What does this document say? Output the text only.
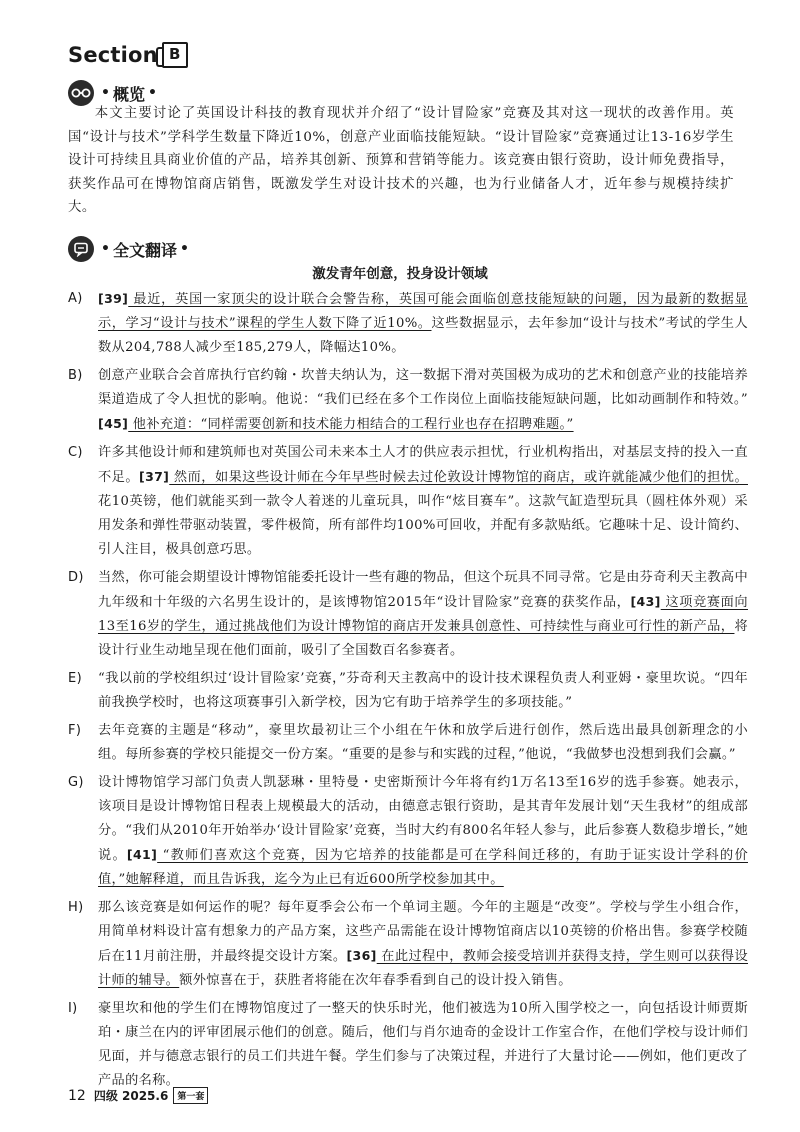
Section B
• 概览 •

本文主要讨论了英国设计科技的教育现状并介绍了“设计冒险家”竞赛及其对这一现状的改善作用。英国“设计与技术”学科学生数量下降近10%，创意产业面临技能短缺。“设计冒险家”竞赛通过让13-16岁学生设计可持续且具商业价值的产品，培养其创新、预算和营销等能力。该竞赛由银行资助，设计师免费指导，获奖作品可在博物馆商店销售，既激发学生对设计技术的兴趣，也为行业储备人才，近年参与规模持续扩大。

• 全文翻译 •
激发青年创意，投身设计领域
A)	[39] 最近，英国一家顶尖的设计联合会警告称，英国可能会面临创意技能短缺的问题，因为最新的数据显示，学习“设计与技术”课程的学生人数下降了近10%。这些数据显示，去年参加“设计与技术”考试的学生人数从204,788人减少至185,279人，降幅达10%。
B)	创意产业联合会首席执行官约翰・坎普夫纳认为，这一数据下滑对英国极为成功的艺术和创意产业的技能培养渠道造成了令人担忧的影响。他说：“我们已经在多个工作岗位上面临技能短缺问题，比如动画制作和特效。” [45] 他补充道：“同样需要创新和技术能力相结合的工程行业也存在招聘难题。”
C)	许多其他设计师和建筑师也对英国公司未来本土人才的供应表示担忧，行业机构指出，对基层支持的投入一直不足。[37] 然而，如果这些设计师在今年早些时候去过伦敦设计博物馆的商店，或许就能减少他们的担忧。花10英镑，他们就能买到一款令人着迷的儿童玩具，叫作“炫目赛车”。这款气缸造型玩具（圆柱体外观）采用发条和弹性带驱动装置，零件极简，所有部件均100%可回收，并配有多款贴纸。它趣味十足、设计简约、引人注目，极具创意巧思。
D)	当然，你可能会期望设计博物馆能委托设计一些有趣的物品，但这个玩具不同寻常。它是由芬奇利天主教高中九年级和十年级的六名男生设计的，是该博物馆2015年“设计冒险家”竞赛的获奖作品，[43] 这项竞赛面向13至16岁的学生，通过挑战他们为设计博物馆的商店开发兼具创意性、可持续性与商业可行性的新产品，将设计行业生动地呈现在他们面前，吸引了全国数百名参赛者。
E)	“我以前的学校组织过‘设计冒险家’竞赛，”芬奇利天主教高中的设计技术课程负责人利亚姆・豪里坎说。“四年前我换学校时，也将这项赛事引入新学校，因为它有助于培养学生的多项技能。”
F)	去年竞赛的主题是“移动”，豪里坎最初让三个小组在午休和放学后进行创作，然后选出最具创新理念的小组。每所参赛的学校只能提交一份方案。“重要的是参与和实践的过程，”他说，“我做梦也没想到我们会赢。”
G)	设计博物馆学习部门负责人凯瑟琳・里特曼・史密斯预计今年将有约1万名13至16岁的选手参赛。她表示，该项目是设计博物馆日程表上规模最大的活动，由德意志银行资助，是其青年发展计划“天生我材”的组成部分。“我们从2010年开始举办‘设计冒险家’竞赛，当时大约有800名年轻人参与，此后参赛人数稳步增长，”她说。[41] “教师们喜欢这个竞赛，因为它培养的技能都是可在学科间迁移的，有助于证实设计学科的价值，”她解释道，而且告诉我，迄今为止已有近600所学校参加其中。
H)	那么该竞赛是如何运作的呢？每年夏季会公布一个单词主题。今年的主题是“改变”。学校与学生小组合作，用简单材料设计富有想象力的产品方案，这些产品需能在设计博物馆商店以10英镑的价格出售。参赛学校随后在11月前注册，并最终提交设计方案。[36] 在此过程中，教师会接受培训并获得支持，学生则可以获得设计师的辅导。额外惊喜在于，获胜者将能在次年春季看到自己的设计投入销售。
I)	豪里坎和他的学生们在博物馆度过了一整天的快乐时光，他们被选为10所入围学校之一，向包括设计师贾斯珀・康兰在内的评审团展示他们的创意。随后，他们与肖尔迪奇的金设计工作室合作，在他们学校与设计师们见面，并与德意志银行的员工们共进午餐。学生们参与了决策过程，并进行了大量讨论——例如，他们更改了产品的名称。
12 四级 2025.6	第一套
